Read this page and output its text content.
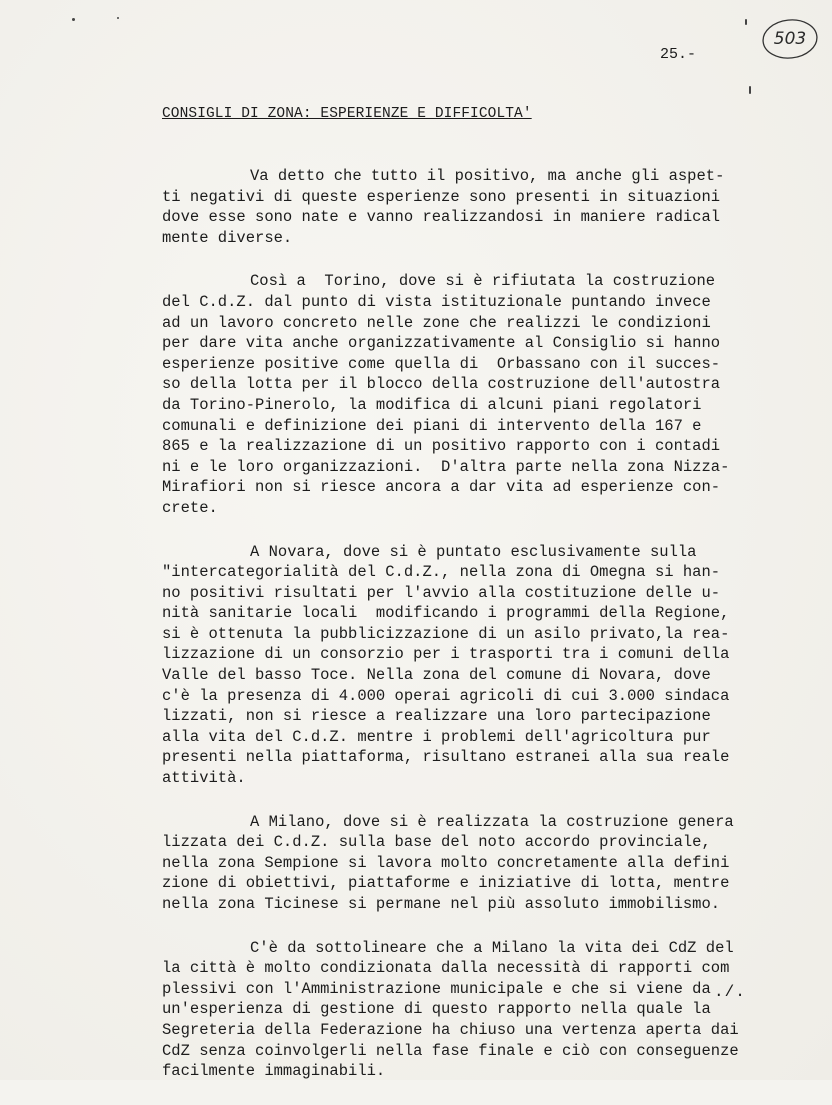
503
25.-
CONSIGLI DI ZONA: ESPERIENZE E DIFFICOLTA'
Va detto che tutto il positivo, ma anche gli aspet-
ti negativi di queste esperienze sono presenti in situazioni
dove esse sono nate e vanno realizzandosi in maniere radical
mente diverse.
Così a  Torino, dove si è rifiutata la costruzione
del C.d.Z. dal punto di vista istituzionale puntando invece
ad un lavoro concreto nelle zone che realizzi le condizioni
per dare vita anche organizzativamente al Consiglio si hanno
esperienze positive come quella di  Orbassano con il succes-
so della lotta per il blocco della costruzione dell'autostra
da Torino-Pinerolo, la modifica di alcuni piani regolatori
comunali e definizione dei piani di intervento della 167 e
865 e la realizzazione di un positivo rapporto con i contadi
ni e le loro organizzazioni.  D'altra parte nella zona Nizza-
Mirafiori non si riesce ancora a dar vita ad esperienze con-
crete.
A Novara, dove si è puntato esclusivamente sulla
"intercategorialità del C.d.Z., nella zona di Omegna si han-
no positivi risultati per l'avvio alla costituzione delle u-
nità sanitarie locali  modificando i programmi della Regione,
si è ottenuta la pubblicizzazione di un asilo privato,la rea-
lizzazione di un consorzio per i trasporti tra i comuni della
Valle del basso Toce. Nella zona del comune di Novara, dove
c'è la presenza di 4.000 operai agricoli di cui 3.000 sindaca
lizzati, non si riesce a realizzare una loro partecipazione
alla vita del C.d.Z. mentre i problemi dell'agricoltura pur
presenti nella piattaforma, risultano estranei alla sua reale
attività.
A Milano, dove si è realizzata la costruzione genera
lizzata dei C.d.Z. sulla base del noto accordo provinciale,
nella zona Sempione si lavora molto concretamente alla defini
zione di obiettivi, piattaforme e iniziative di lotta, mentre
nella zona Ticinese si permane nel più assoluto immobilismo.
C'è da sottolineare che a Milano la vita dei CdZ del
la città è molto condizionata dalla necessità di rapporti com
plessivi con l'Amministrazione municipale e che si viene da
un'esperienza di gestione di questo rapporto nella quale la
Segreteria della Federazione ha chiuso una vertenza aperta dai
CdZ senza coinvolgerli nella fase finale e ciò con conseguenze
facilmente immaginabili.
./.
